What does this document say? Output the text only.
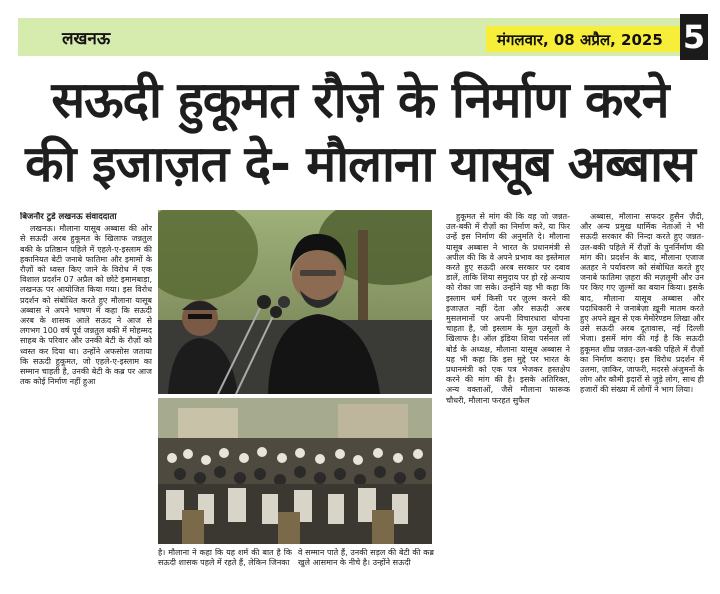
लखनऊ	मंगलवार, 08 अप्रैल, 2025 5
सऊदी हुकूमत रौज़े के निर्माण करने
की इजाज़त दे- मौलाना यासूब अब्बास

बिजनौर टुडे लखनऊ संवाददाता

लखनऊ। मौलाना यासूब अब्बास की ओर से सऊदी अरब हुकूमत के खिलाफ जन्नतुल बकी के प्रतिष्ठान पहिले में एहले-ए-इस्लाम की हकानियत बेटी जनाबे फातिमा और इमामों के रौज़ों को ध्वस्त किए जाने के विरोध में एक विशाल प्रदर्शन 07 अप्रैल को छोटे इमामबाड़ा, लखनऊ पर आयोजित किया गया। इस विरोध प्रदर्शन को संबोधित करते हुए मौलाना यासूब अब्बास ने अपने भाषण में कहा कि सऊदी अरब के शासक आले सऊद ने आज से लगभग 100 वर्ष पूर्व जन्नतुल बकी में मोहम्मद साहब के परिवार और उनकी बेटी के रौज़ों को ध्वस्त कर दिया था। उन्होंने अफसोस जताया कि सऊदी हुकूमत, जो एहले-ए-इस्लाम का सम्मान चाहती है, उनकी बेटी के कब्र पर आज तक कोई निर्माण नहीं हुआ

है। मौलाना ने कहा कि यह शर्म की बात है कि सऊदी शासक पहले में रहते हैं, लेकिन जिनका
वे सम्मान पाते हैं, उनकी सड़ल की बेटी की कब्र खुले आसमान के नीचे है। उन्होंने सऊदी

हुकूमत से मांग की कि वह जो जन्नत-उल-बकी में रौज़ों का निर्माण करे, या फिर उन्हें इस निर्माण की अनुमति दे। मौलाना यासूब अब्बास ने भारत के प्रधानमंत्री से अपील की कि वे अपने प्रभाव का इस्तेमाल करते हुए सऊदी अरब सरकार पर दबाव डालें, ताकि शिया समुदाय पर हो रहे अन्याय को रोका जा सके। उन्होंने यह भी कहा कि इस्लाम धर्म किसी पर ज़ुल्म करने की इजाज़त नहीं देता और सऊदी अरब मुसलमानों पर अपनी विचारधारा थोपना चाहता है, जो इस्लाम के मूल उसूलों के खिलाफ है। ऑल इंडिया शिया पर्सनल लॉ बोर्ड के अध्यक्ष, मौलाना यासूब अब्बास ने यह भी कहा कि इस मुद्दे पर भारत के प्रधानमंत्री को एक पत्र भेजकर हस्तक्षेप करने की मांग की है। इसके अतिरिक्त, अन्य वक्ताओं, जैसे मौलाना फारूक चौधरी, मौलाना फरहत सुफैल

अब्बास, मौलाना सफदर हुसैन ज़ैदी, और अन्य प्रमुख धार्मिक नेताओं ने भी सऊदी सरकार की निन्दा करते हुए जन्नत-उल-बकी पहिले में रौज़ों के पुनर्निर्माण की मांग की। प्रदर्शन के बाद, मौलाना एजाज अतहर ने पर्यावरण को संबोधित करते हुए जनाबे फातिमा ज़हरा की मज़लूमी और उन पर किए गए ज़ुल्मों का बयान किया। इसके बाद, मौलाना यासूब अब्बास और पदाधिकारी ने जनाबेज़ा ख़ूनी मातम करते हुए अपने ख़ून से एक मेमोरेण्डम लिखा और उसे सऊदी अरब दूतावास, नई दिल्ली भेजा। इसमें मांग की गई है कि सऊदी हुकूमत शीघ्र जन्नत-उल-बकी पहिले में रौज़ों का निर्माण कराए। इस विरोध प्रदर्शन में उलमा, ज़ाकिर, जाफरी, मदरसे अंजुमनों के लोग और कौमी इदारों से जुड़े लोग, साथ ही हजारों की संख्या में लोगों ने भाग लिया।
